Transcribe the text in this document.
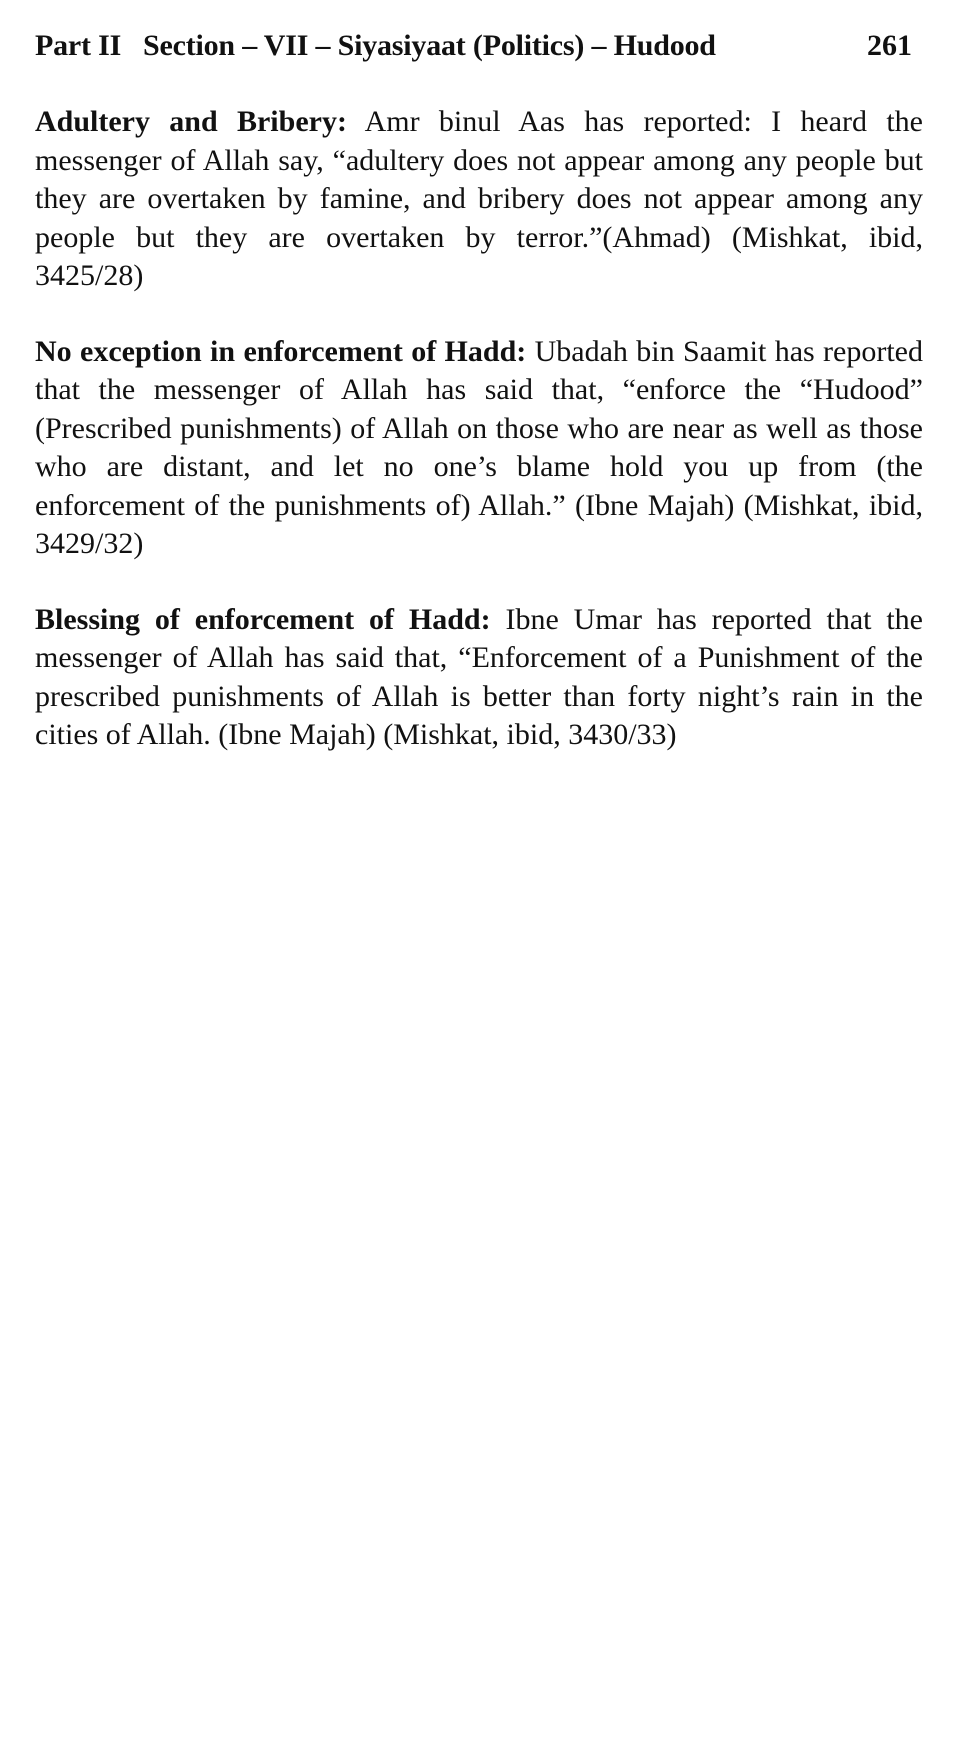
Part II   Section – VII – Siyasiyaat (Politics) – Hudood	261

Adultery and Bribery: Amr binul Aas has reported: I heard the messenger of Allah say, “adultery does not appear among any people but they are overtaken by famine, and bribery does not appear among any people but they are overtaken by terror.”(Ahmad) (Mishkat, ibid, 3425/28)

No exception in enforcement of Hadd: Ubadah bin Saamit has reported that the messenger of Allah has said that, “enforce the “Hudood” (Prescribed punishments) of Allah on those who are near as well as those who are distant, and let no one’s blame hold you up from (the enforcement of the punishments of) Allah.” (Ibne Majah) (Mishkat, ibid, 3429/32)

Blessing of enforcement of Hadd: Ibne Umar has reported that the messenger of Allah has said that, “Enforcement of a Punishment of the prescribed punishments of Allah is better than forty night’s rain in the cities of Allah. (Ibne Majah) (Mishkat, ibid, 3430/33)
